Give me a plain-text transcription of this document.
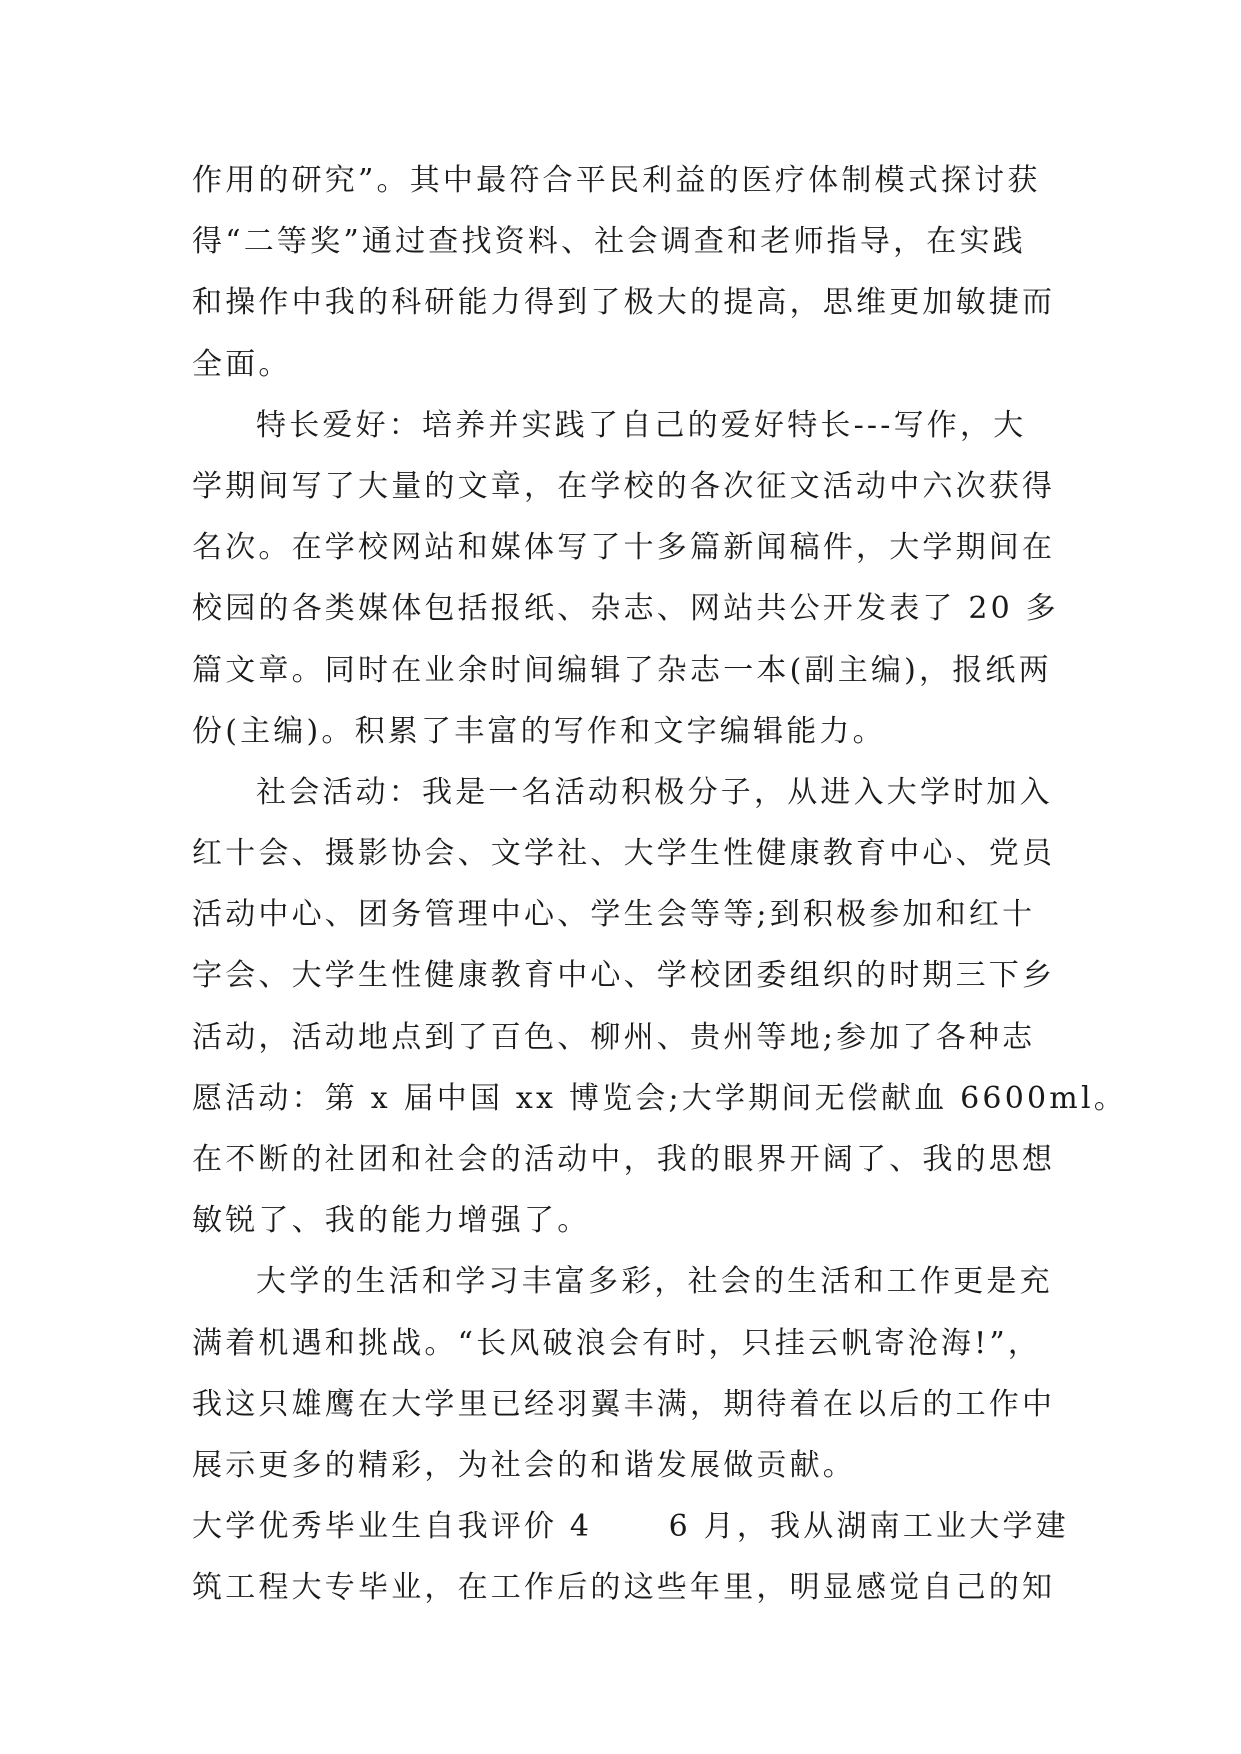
作用的研究”。其中最符合平民利益的医疗体制模式探讨获
得“二等奖”通过查找资料、社会调查和老师指导，在实践
和操作中我的科研能力得到了极大的提高，思维更加敏捷而
全面。
特长爱好：培养并实践了自己的爱好特长---写作，大
学期间写了大量的文章，在学校的各次征文活动中六次获得
名次。在学校网站和媒体写了十多篇新闻稿件，大学期间在
校园的各类媒体包括报纸、杂志、网站共公开发表了 20 多
篇文章。同时在业余时间编辑了杂志一本(副主编)，报纸两
份(主编)。积累了丰富的写作和文字编辑能力。
社会活动：我是一名活动积极分子，从进入大学时加入
红十会、摄影协会、文学社、大学生性健康教育中心、党员
活动中心、团务管理中心、学生会等等;到积极参加和红十
字会、大学生性健康教育中心、学校团委组织的时期三下乡
活动，活动地点到了百色、柳州、贵州等地;参加了各种志
愿活动：第 x 届中国 xx 博览会;大学期间无偿献血 6600ml。
在不断的社团和社会的活动中，我的眼界开阔了、我的思想
敏锐了、我的能力增强了。
大学的生活和学习丰富多彩，社会的生活和工作更是充
满着机遇和挑战。“长风破浪会有时，只挂云帆寄沧海!”，
我这只雄鹰在大学里已经羽翼丰满，期待着在以后的工作中
展示更多的精彩，为社会的和谐发展做贡献。
大学优秀毕业生自我评价 4      6 月，我从湖南工业大学建
筑工程大专毕业，在工作后的这些年里，明显感觉自己的知
